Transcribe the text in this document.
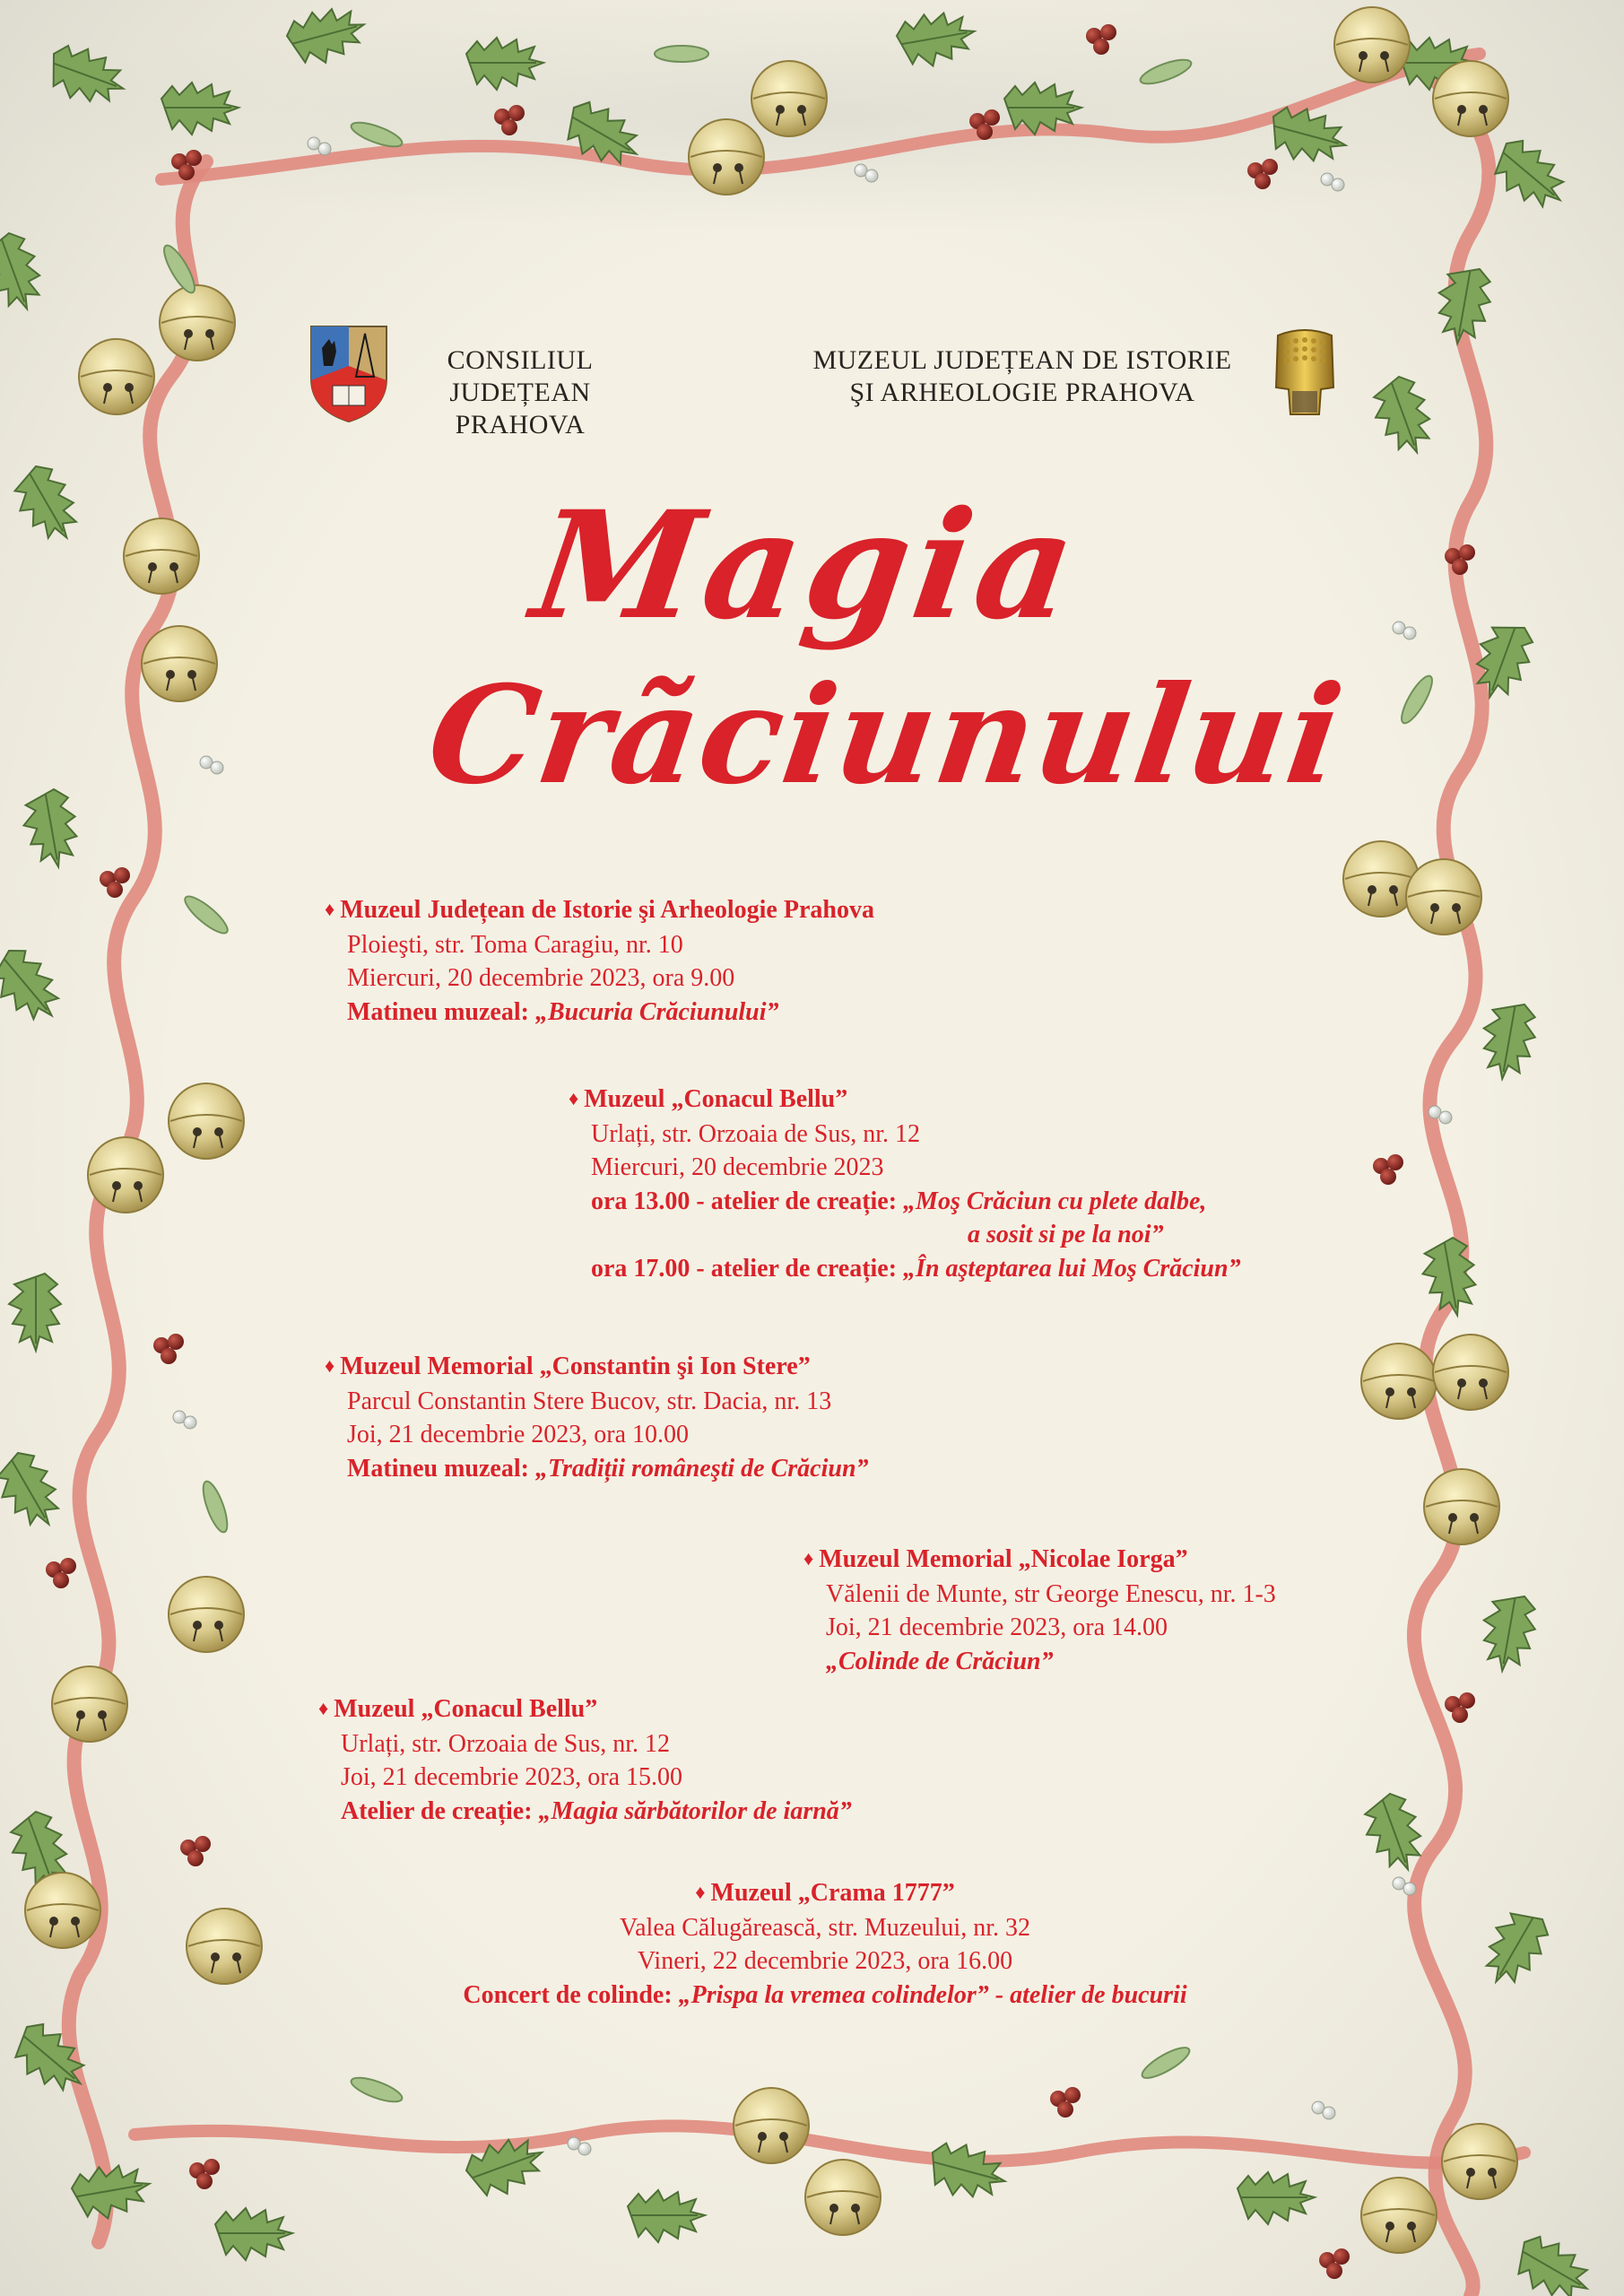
CONSILIUL JUDEȚEAN
PRAHOVA
MUZEUL JUDEȚEAN DE ISTORIE
ŞI ARHEOLOGIE PRAHOVA
Magia
Crãciunului
♦ Muzeul Județean de Istorie şi Arheologie Prahova
Ploieşti, str. Toma Caragiu, nr. 10
Miercuri, 20 decembrie 2023, ora 9.00
Matineu muzeal: „Bucuria Crăciunului”
♦ Muzeul „Conacul Bellu”
Urlați, str. Orzoaia de Sus, nr. 12
Miercuri, 20 decembrie 2023
ora 13.00 - atelier de creație: „Moş Crăciun cu plete dalbe,
a sosit si pe la noi”
ora 17.00 - atelier de creație: „În aşteptarea lui Moş Crăciun”
♦ Muzeul Memorial „Constantin şi Ion Stere”
Parcul Constantin Stere Bucov, str. Dacia, nr. 13
Joi, 21 decembrie 2023, ora 10.00
Matineu muzeal: „Tradiții româneşti de Crăciun”
♦ Muzeul Memorial „Nicolae Iorga”
Vălenii de Munte, str George Enescu, nr. 1-3
Joi, 21 decembrie 2023, ora 14.00
„Colinde de Crăciun”
♦ Muzeul „Conacul Bellu”
Urlați, str. Orzoaia de Sus, nr. 12
Joi, 21 decembrie 2023, ora 15.00
Atelier de creație: „Magia sărbătorilor de iarnă”
♦ Muzeul „Crama 1777”
Valea Călugărească, str. Muzeului, nr. 32
Vineri, 22 decembrie 2023, ora 16.00
Concert de colinde: „Prispa la vremea colindelor” - atelier de bucurii
